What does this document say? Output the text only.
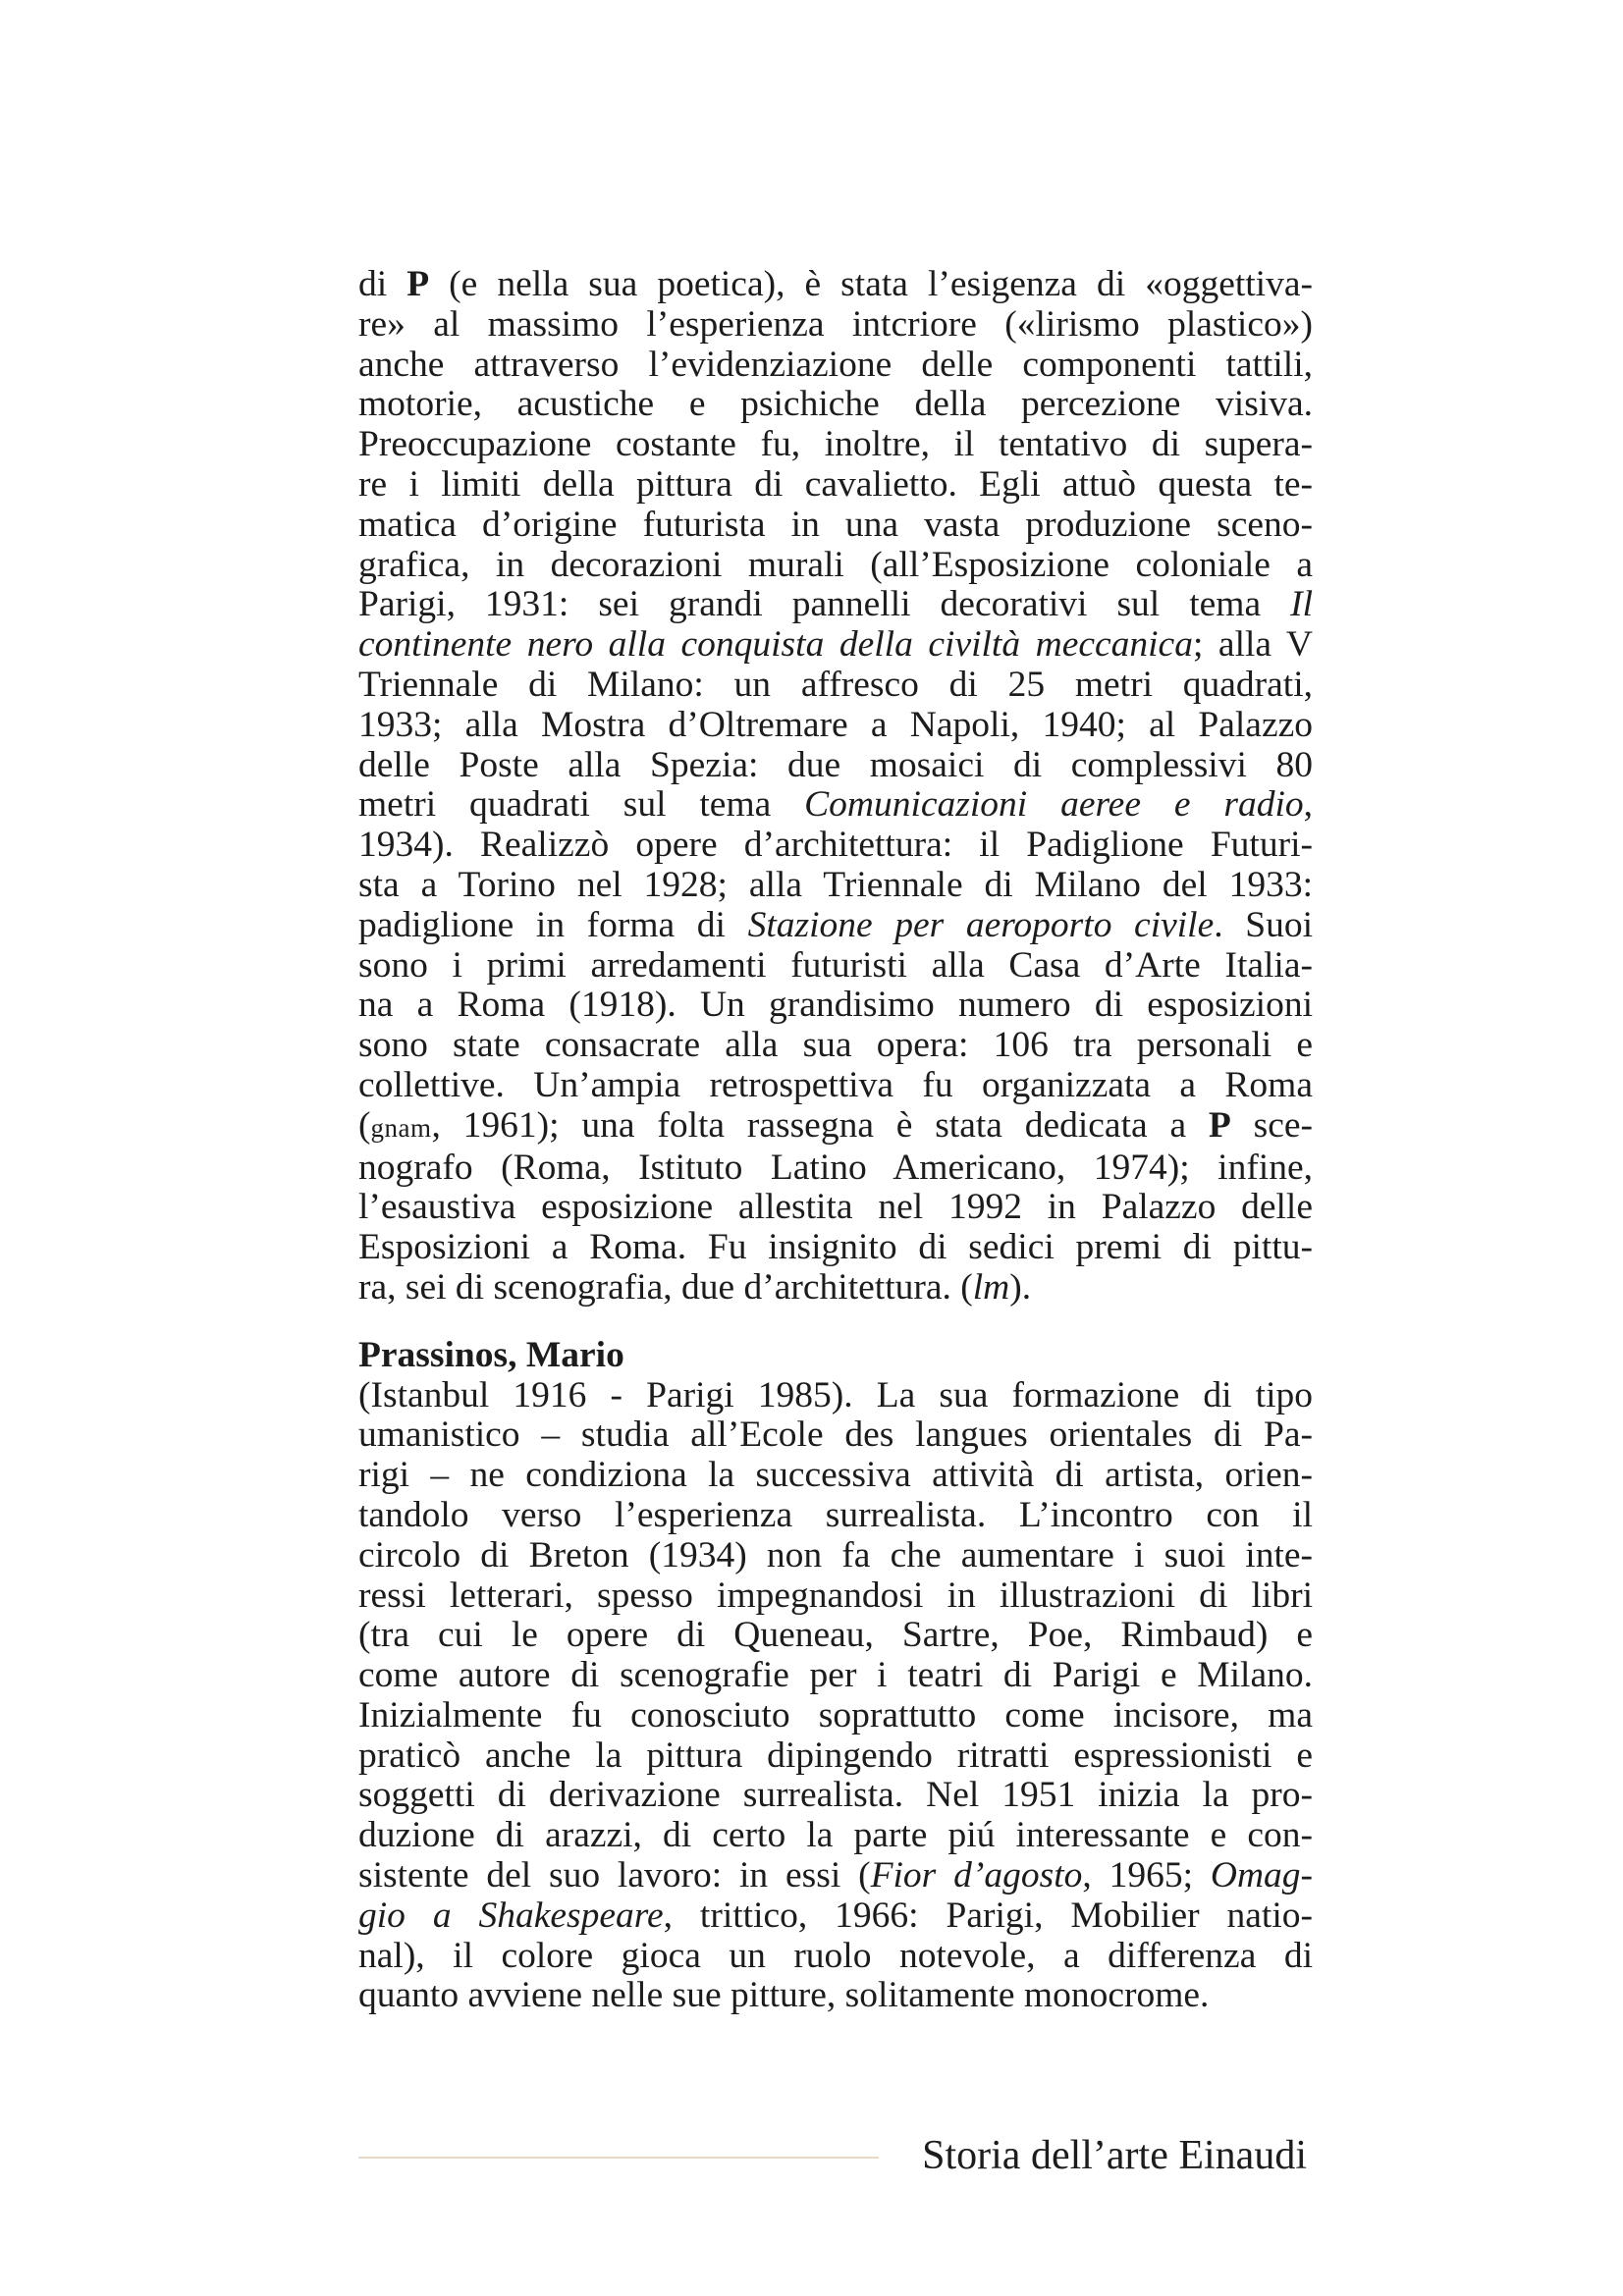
di P (e nella sua poetica), è stata l’esigenza di «oggettiva-
re» al massimo l’esperienza intcriore («lirismo plastico»)
anche attraverso l’evidenziazione delle componenti tattili,
motorie, acustiche e psichiche della percezione visiva.
Preoccupazione costante fu, inoltre, il tentativo di supera-
re i limiti della pittura di cavalietto. Egli attuò questa te-
matica d’origine futurista in una vasta produzione sceno-
grafica, in decorazioni murali (all’Esposizione coloniale a
Parigi, 1931: sei grandi pannelli decorativi sul tema Il
continente nero alla conquista della civiltà meccanica; alla V
Triennale di Milano: un affresco di 25 metri quadrati,
1933; alla Mostra d’Oltremare a Napoli, 1940; al Palazzo
delle Poste alla Spezia: due mosaici di complessivi 80
metri quadrati sul tema Comunicazioni aeree e radio,
1934). Realizzò opere d’architettura: il Padiglione Futuri-
sta a Torino nel 1928; alla Triennale di Milano del 1933:
padiglione in forma di Stazione per aeroporto civile. Suoi
sono i primi arredamenti futuristi alla Casa d’Arte Italia-
na a Roma (1918). Un grandisimo numero di esposizioni
sono state consacrate alla sua opera: 106 tra personali e
collettive. Un’ampia retrospettiva fu organizzata a Roma
(gnam, 1961); una folta rassegna è stata dedicata a P sce-
nografo (Roma, Istituto Latino Americano, 1974); infine,
l’esaustiva esposizione allestita nel 1992 in Palazzo delle
Esposizioni a Roma. Fu insignito di sedici premi di pittu-
ra, sei di scenografia, due d’architettura. (lm).
Prassinos, Mario
(Istanbul 1916 - Parigi 1985). La sua formazione di tipo
umanistico – studia all’Ecole des langues orientales di Pa-
rigi – ne condiziona la successiva attività di artista, orien-
tandolo verso l’esperienza surrealista. L’incontro con il
circolo di Breton (1934) non fa che aumentare i suoi inte-
ressi letterari, spesso impegnandosi in illustrazioni di libri
(tra cui le opere di Queneau, Sartre, Poe, Rimbaud) e
come autore di scenografie per i teatri di Parigi e Milano.
Inizialmente fu conosciuto soprattutto come incisore, ma
praticò anche la pittura dipingendo ritratti espressionisti e
soggetti di derivazione surrealista. Nel 1951 inizia la pro-
duzione di arazzi, di certo la parte piú interessante e con-
sistente del suo lavoro: in essi (Fior d’agosto, 1965; Omag-
gio a Shakespeare, trittico, 1966: Parigi, Mobilier natio-
nal), il colore gioca un ruolo notevole, a differenza di
quanto avviene nelle sue pitture, solitamente monocrome.
Storia dell’arte Einaudi
